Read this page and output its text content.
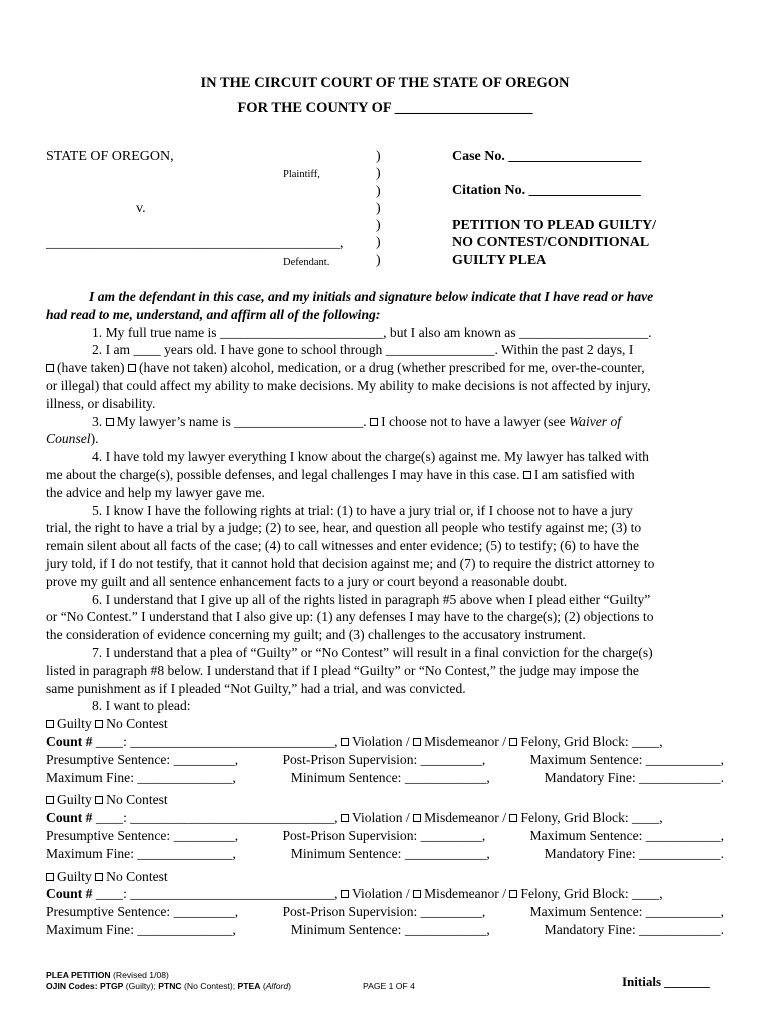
IN THE CIRCUIT COURT OF THE STATE OF OREGON
FOR THE COUNTY OF ___________________
STATE OF OREGON,
Plaintiff,
v.
__________________________________________,
Defendant.
)
)
)
)
)
)
)
Case No. ___________________
Citation No. ________________
PETITION TO PLEAD GUILTY/
NO CONTEST/CONDITIONAL
GUILTY PLEA
I am the defendant in this case, and my initials and signature below indicate that I have read or have
had read to me, understand, and affirm all of the following:
1. My full true name is ________________________, but I also am known as ___________________.
2. I am ____ years old. I have gone to school through ________________. Within the past 2 days, I
(have taken) (have not taken) alcohol, medication, or a drug (whether prescribed for me, over-the-counter,
or illegal) that could affect my ability to make decisions. My ability to make decisions is not affected by injury,
illness, or disability.
3. My lawyer’s name is ___________________. I choose not to have a lawyer (see Waiver of
Counsel).
4. I have told my lawyer everything I know about the charge(s) against me. My lawyer has talked with
me about the charge(s), possible defenses, and legal challenges I may have in this case. I am satisfied with
the advice and help my lawyer gave me.
5. I know I have the following rights at trial: (1) to have a jury trial or, if I choose not to have a jury
trial, the right to have a trial by a judge; (2) to see, hear, and question all people who testify against me; (3) to
remain silent about all facts of the case; (4) to call witnesses and enter evidence; (5) to testify; (6) to have the
jury told, if I do not testify, that it cannot hold that decision against me; and (7) to require the district attorney to
prove my guilt and all sentence enhancement facts to a jury or court beyond a reasonable doubt.
6. I understand that I give up all of the rights listed in paragraph #5 above when I plead either “Guilty”
or “No Contest.” I understand that I also give up: (1) any defenses I may have to the charge(s); (2) objections to
the consideration of evidence concerning my guilt; and (3) challenges to the accusatory instrument.
7. I understand that a plea of “Guilty” or “No Contest” will result in a final conviction for the charge(s)
listed in paragraph #8 below. I understand that if I plead “Guilty” or “No Contest,” the judge may impose the
same punishment as if I pleaded “Not Guilty,” had a trial, and was convicted.
8. I want to plead:
Guilty No Contest
Count # ____: ______________________________, Violation / Misdemeanor / Felony, Grid Block: ____,
Presumptive Sentence: _________,	Post-Prison Supervision: _________,	Maximum Sentence: ___________,
Maximum Fine: ______________,	Minimum Sentence: ____________,	Mandatory Fine: ____________.
Guilty No Contest
Count # ____: ______________________________, Violation / Misdemeanor / Felony, Grid Block: ____,
Presumptive Sentence: _________,	Post-Prison Supervision: _________,	Maximum Sentence: ___________,
Maximum Fine: ______________,	Minimum Sentence: ____________,	Mandatory Fine: ____________.
Guilty No Contest
Count # ____: ______________________________, Violation / Misdemeanor / Felony, Grid Block: ____,
Presumptive Sentence: _________,	Post-Prison Supervision: _________,	Maximum Sentence: ___________,
Maximum Fine: ______________,	Minimum Sentence: ____________,	Mandatory Fine: ____________.
PLEA PETITION (Revised 1/08)
OJIN Codes: PTGP (Guilty); PTNC (No Contest); PTEA (Alford)	PAGE 1 OF 4	Initials _______
